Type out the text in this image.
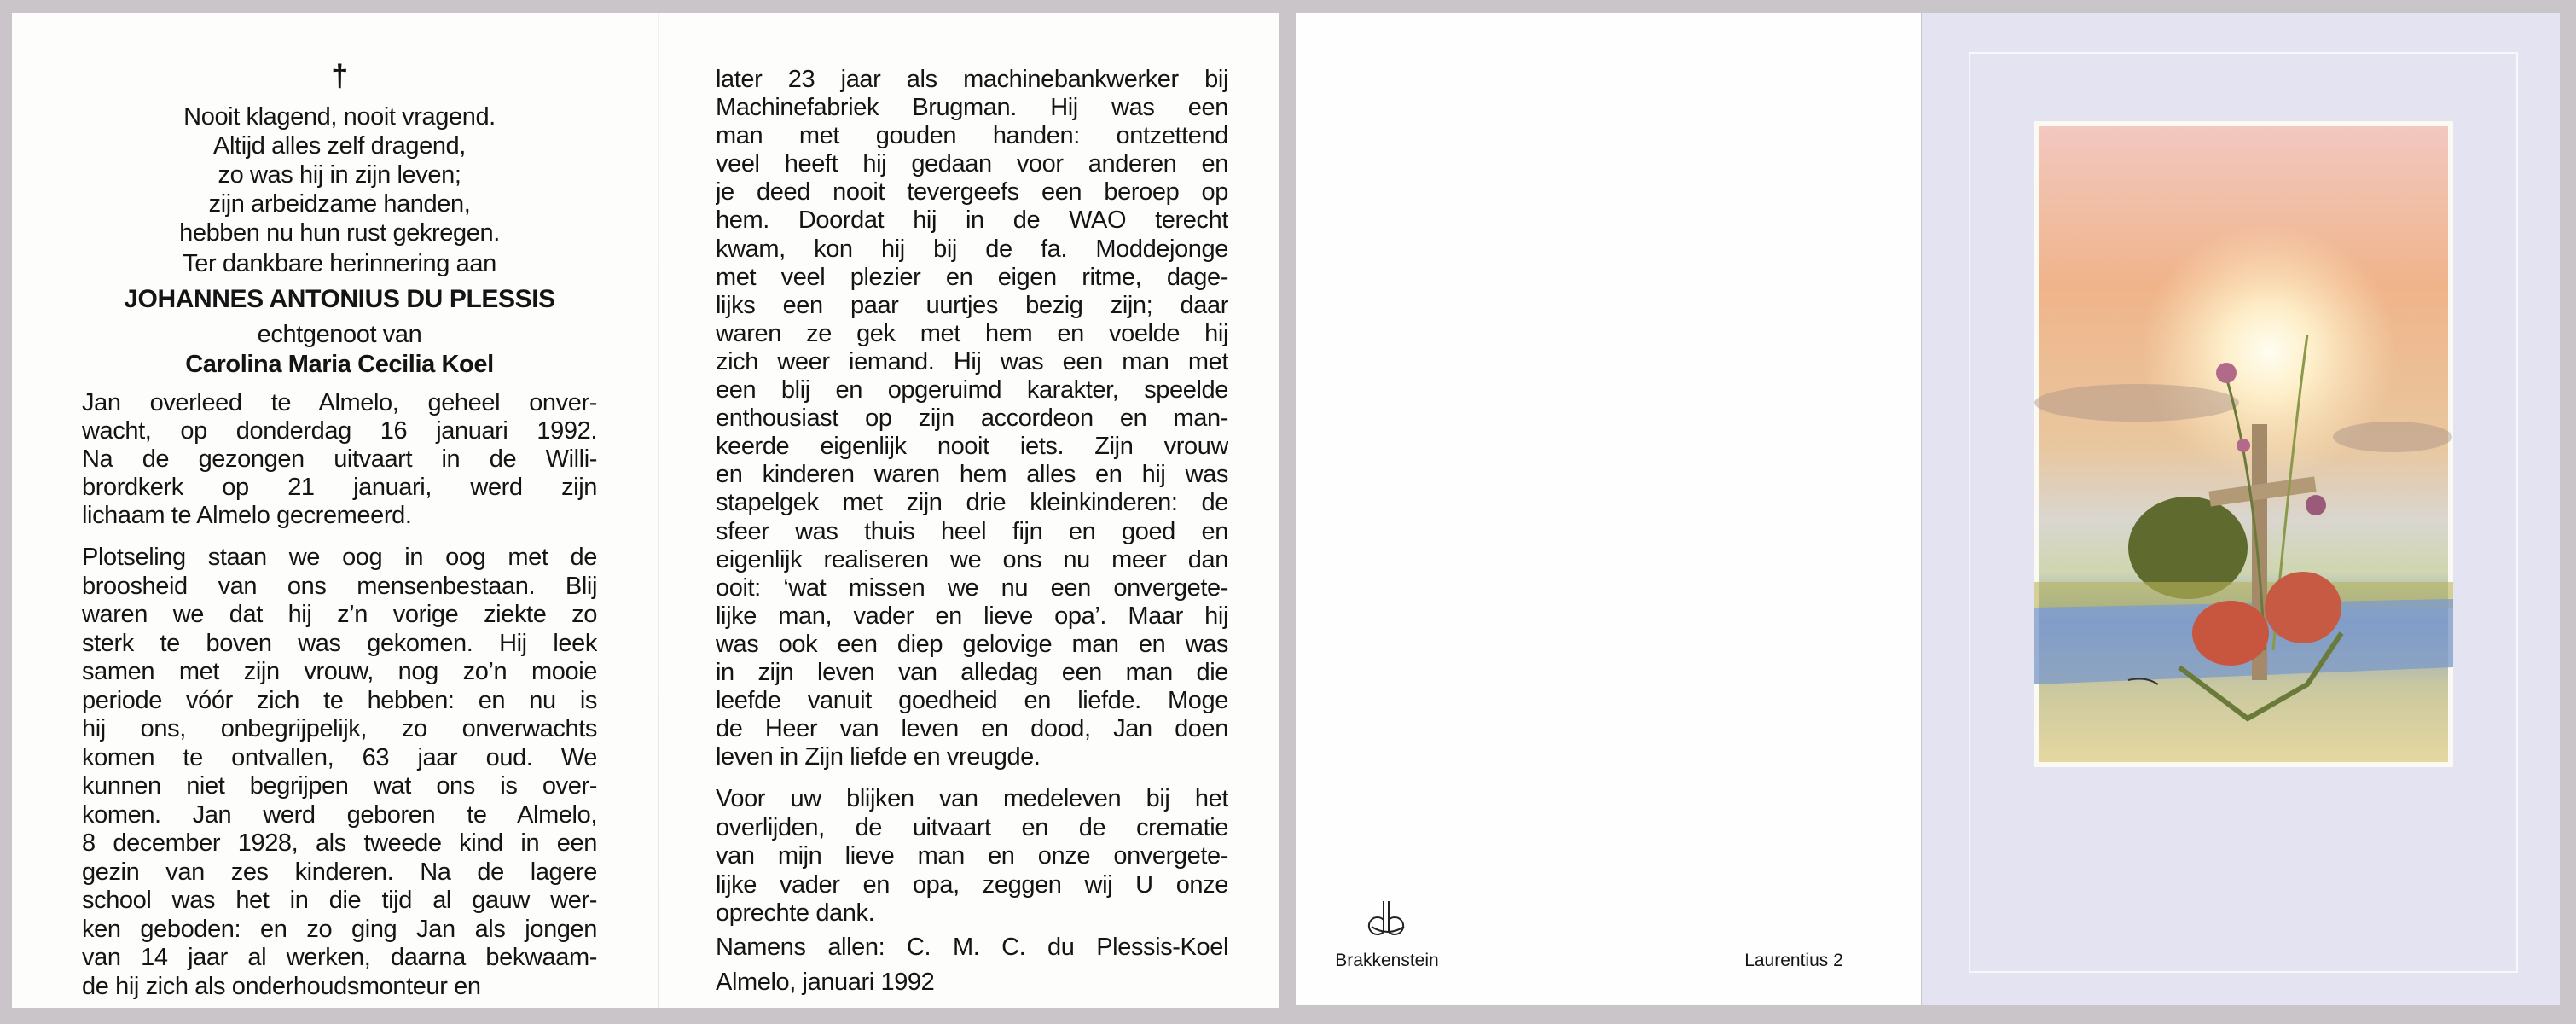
†
Nooit klagend, nooit vragend.
Altijd alles zelf dragend,
zo was hij in zijn leven;
zijn arbeidzame handen,
hebben nu hun rust gekregen.
Ter dankbare herinnering aan
JOHANNES ANTONIUS DU PLESSIS
echtgenoot van
Carolina Maria Cecilia Koel
Jan overleed te Almelo, geheel onver-
wacht, op donderdag 16 januari 1992.
Na de gezongen uitvaart in de Willi-
brordkerk op 21 januari, werd zijn
lichaam te Almelo gecremeerd.
Plotseling staan we oog in oog met de
broosheid van ons mensenbestaan. Blij
waren we dat hij z’n vorige ziekte zo
sterk te boven was gekomen. Hij leek
samen met zijn vrouw, nog zo’n mooie
periode vóór zich te hebben: en nu is
hij ons, onbegrijpelijk, zo onverwachts
komen te ontvallen, 63 jaar oud. We
kunnen niet begrijpen wat ons is over-
komen. Jan werd geboren te Almelo,
8 december 1928, als tweede kind in een
gezin van zes kinderen. Na de lagere
school was het in die tijd al gauw wer-
ken geboden: en zo ging Jan als jongen
van 14 jaar al werken, daarna bekwaam-
de hij zich als onderhoudsmonteur en
later 23 jaar als machinebankwerker bij
Machinefabriek Brugman. Hij was een
man met gouden handen: ontzettend
veel heeft hij gedaan voor anderen en
je deed nooit tevergeefs een beroep op
hem. Doordat hij in de WAO terecht
kwam, kon hij bij de fa. Moddejonge
met veel plezier en eigen ritme, dage-
lijks een paar uurtjes bezig zijn; daar
waren ze gek met hem en voelde hij
zich weer iemand. Hij was een man met
een blij en opgeruimd karakter, speelde
enthousiast op zijn accordeon en man-
keerde eigenlijk nooit iets. Zijn vrouw
en kinderen waren hem alles en hij was
stapelgek met zijn drie kleinkinderen: de
sfeer was thuis heel fijn en goed en
eigenlijk realiseren we ons nu meer dan
ooit: ‘wat missen we nu een onvergete-
lijke man, vader en lieve opa’. Maar hij
was ook een diep gelovige man en was
in zijn leven van alledag een man die
leefde vanuit goedheid en liefde. Moge
de Heer van leven en dood, Jan doen
leven in Zijn liefde en vreugde.
Voor uw blijken van medeleven bij het
overlijden, de uitvaart en de crematie
van mijn lieve man en onze onvergete-
lijke vader en opa, zeggen wij U onze
oprechte dank.
Namens allen: C. M. C. du Plessis-Koel
Almelo, januari 1992
Brakkenstein	Laurentius 2
